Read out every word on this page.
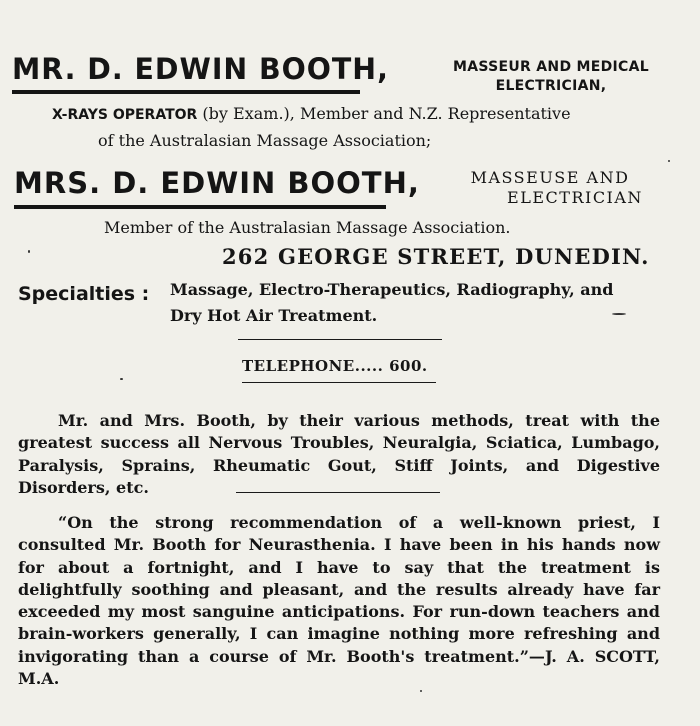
MR. D. EDWIN BOOTH,	MASSEUR AND MEDICAL
ELECTRICIAN,
X-RAYS OPERATOR (by Exam.), Member and N.Z. Representative
of the Australasian Massage Association;
MRS. D. EDWIN BOOTH,	MASSEUSE AND
ELECTRICIAN
Member of the Australasian Massage Association.
262 GEORGE STREET, DUNEDIN.
Specialties : Massage, Electro-Therapeutics, Radiography, and
Dry Hot Air Treatment.
TELEPHONE..... 600.
Mr. and Mrs. Booth, by their various methods, treat with the greatest success all Nervous Troubles, Neuralgia, Sciatica, Lumbago, Paralysis, Sprains, Rheumatic Gout, Stiff Joints, and Digestive Disorders, etc.
“On the strong recommendation of a well-known priest, I consulted Mr. Booth for Neurasthenia. I have been in his hands now for about a fortnight, and I have to say that the treatment is delightfully soothing and pleasant, and the results already have far exceeded my most sanguine anticipations. For run-down teachers and brain-workers generally, I can imagine nothing more refreshing and invigorating than a course of Mr. Booth's treatment.”—J. A. SCOTT, M.A.
